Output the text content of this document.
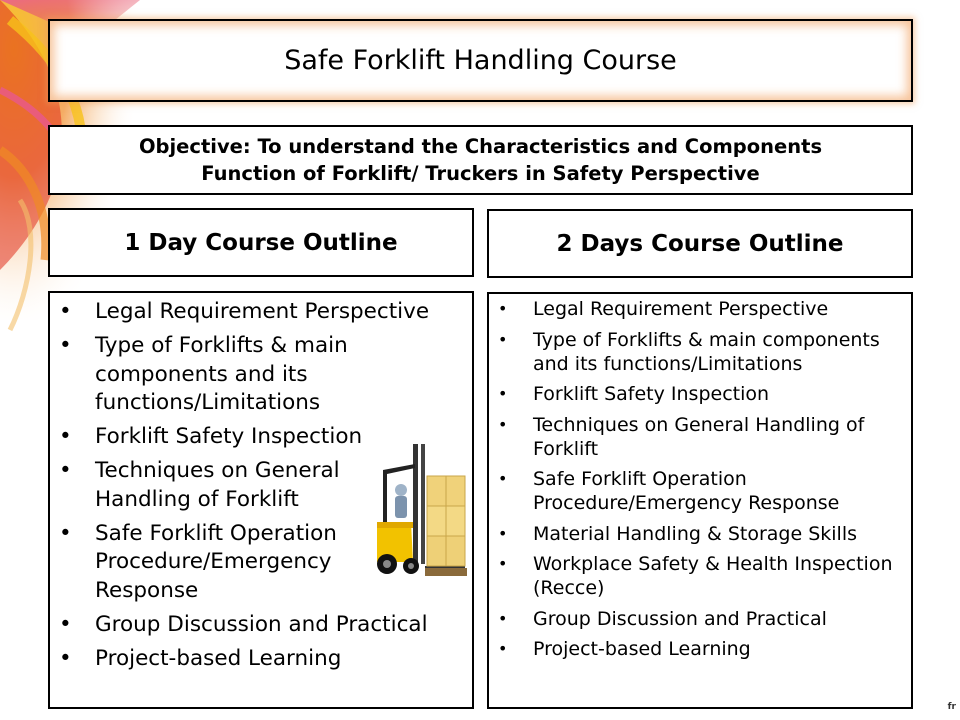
Safe Forklift Handling Course
Objective: To understand the Characteristics and Components
Function of Forklift/ Truckers in Safety Perspective
1 Day Course Outline	2 Days Course Outline
• Legal Requirement Perspective
• Type of Forklifts & main components and its functions/Limitations
• Forklift Safety Inspection
• Techniques on General Handling of Forklift
• Safe Forklift Operation Procedure/Emergency Response
• Group Discussion and Practical
• Project-based Learning
• Legal Requirement Perspective
• Type of Forklifts & main components and its functions/Limitations
• Forklift Safety Inspection
• Techniques on General Handling of Forklift
• Safe Forklift Operation Procedure/Emergency Response
• Material Handling & Storage Skills
• Workplace Safety & Health Inspection (Recce)
• Group Discussion and Practical
• Project-based Learning
fr
